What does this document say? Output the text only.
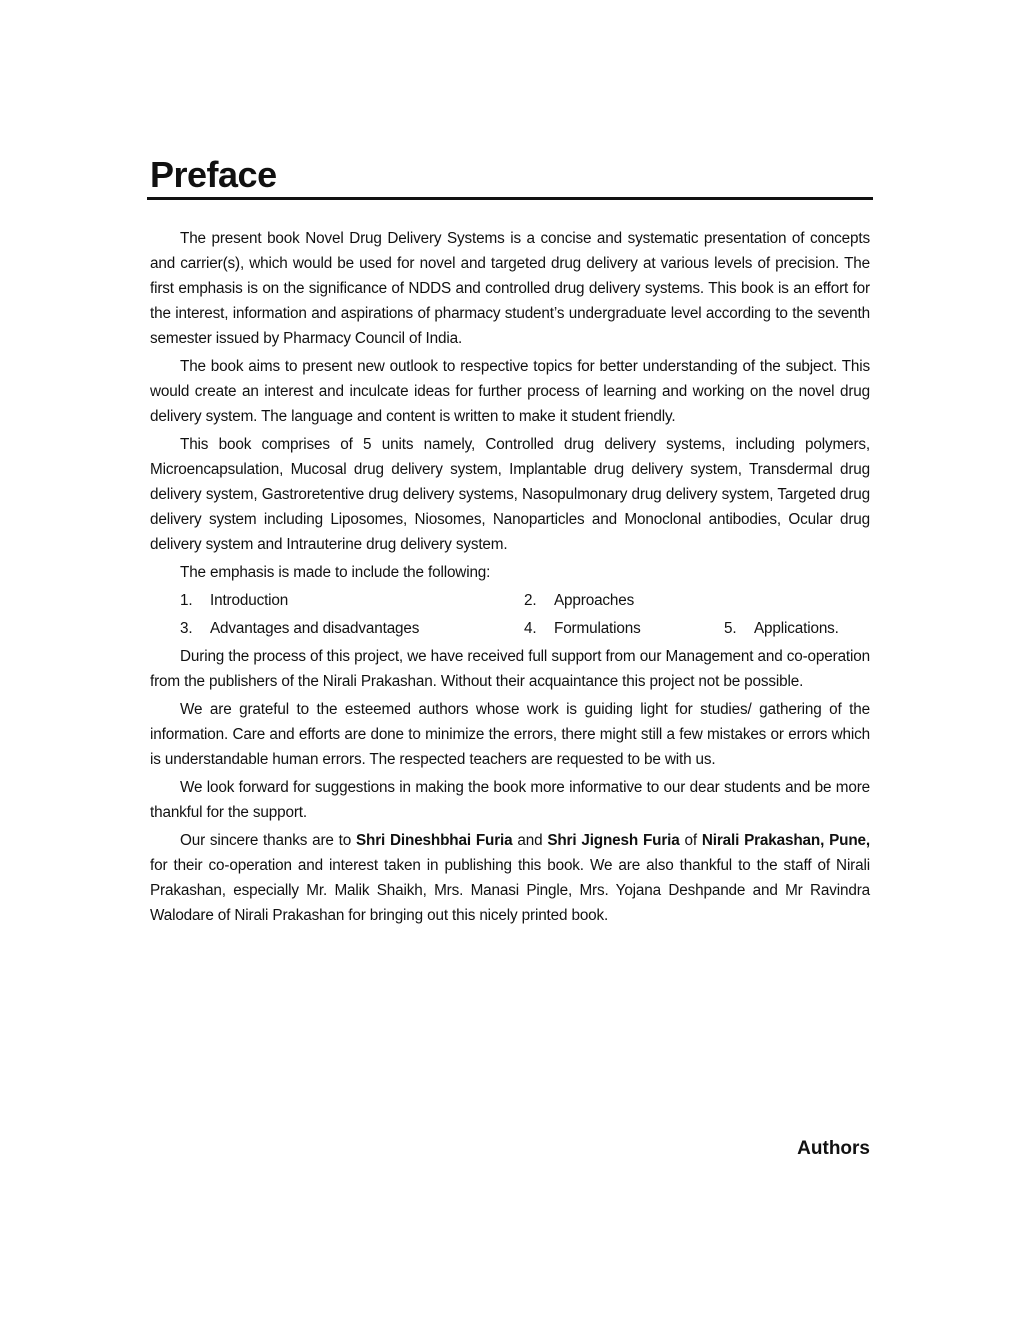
Preface

The present book Novel Drug Delivery Systems is a concise and systematic presentation of concepts and carrier(s), which would be used for novel and targeted drug delivery at various levels of precision. The first emphasis is on the significance of NDDS and controlled drug delivery systems. This book is an effort for the interest, information and aspirations of pharmacy student’s undergraduate level according to the seventh semester issued by Pharmacy Council of India.

The book aims to present new outlook to respective topics for better understanding of the subject. This would create an interest and inculcate ideas for further process of learning and working on the novel drug delivery system. The language and content is written to make it student friendly.

This book comprises of 5 units namely, Controlled drug delivery systems, including polymers, Microencapsulation, Mucosal drug delivery system, Implantable drug delivery system, Transdermal drug delivery system, Gastroretentive drug delivery systems, Nasopulmonary drug delivery system, Targeted drug delivery system including Liposomes, Niosomes, Nanoparticles and Monoclonal antibodies, Ocular drug delivery system and Intrauterine drug delivery system.

The emphasis is made to include the following:

1.	Introduction	2.	Approaches
3.	Advantages and disadvantages	4.	Formulations	5.	Applications.

During the process of this project, we have received full support from our Management and co-operation from the publishers of the Nirali Prakashan. Without their acquaintance this project not be possible.

We are grateful to the esteemed authors whose work is guiding light for studies/ gathering of the information. Care and efforts are done to minimize the errors, there might still a few mistakes or errors which is understandable human errors. The respected teachers are requested to be with us.

We look forward for suggestions in making the book more informative to our dear students and be more thankful for the support.

Our sincere thanks are to Shri Dineshbhai Furia and Shri Jignesh Furia of Nirali Prakashan, Pune, for their co-operation and interest taken in publishing this book. We are also thankful to the staff of Nirali Prakashan, especially Mr. Malik Shaikh, Mrs. Manasi Pingle, Mrs. Yojana Deshpande and Mr Ravindra Walodare of Nirali Prakashan for bringing out this nicely printed book.

Authors
